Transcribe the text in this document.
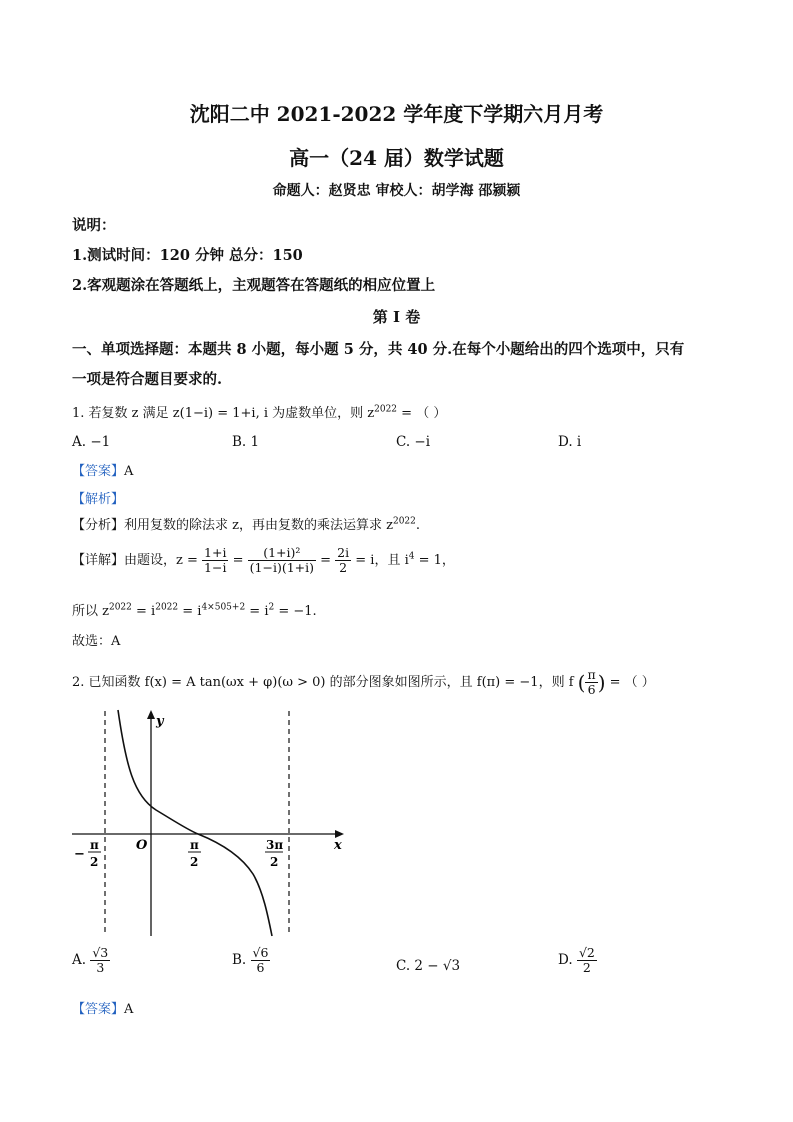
沈阳二中 2021-2022 学年度下学期六月月考
高一（24 届）数学试题
命题人：赵贤忠 审校人：胡学海 邵颍颍
说明：
1.测试时间：120 分钟 总分：150
2.客观题涂在答题纸上，主观题答在答题纸的相应位置上
第 I 卷
一、单项选择题：本题共 8 小题，每小题 5 分，共 40 分.在每个小题给出的四个选项中，只有
一项是符合题目要求的.
1. 若复数 z 满足 z(1−i) = 1+i, i 为虚数单位，则 $z^{2022}$ = （ ）
A. −1	B. 1	C. −i	D. i
【答案】A
【解析】
【分析】利用复数的除法求 z，再由复数的乘法运算求 $z^{2022}$.
【详解】由题设，$z = \frac{1+i}{1-i} = \frac{\text{(1+i)²}}{(1-i)(1+i)} = \frac{2i}{2} = i$，且 $i^4 = 1$，
所以 $z^{2022} = i^{2022} = i^{4\times 505+2} = i^2 = -1$.
故选：A
2. 已知函数 f(x) = A tan(ωx + φ)(ω > 0) 的部分图象如图所示，且 f(π) = −1，则 f ( $\frac{\pi}{6}$ ) = （ ）
y
x
O
−
π
2
π
2
3π
2
A. $\frac{√3}{3}$	B. $\frac{√6}{6}$	C. 2 − √3	D. $\frac{√2}{2}$
【答案】A
